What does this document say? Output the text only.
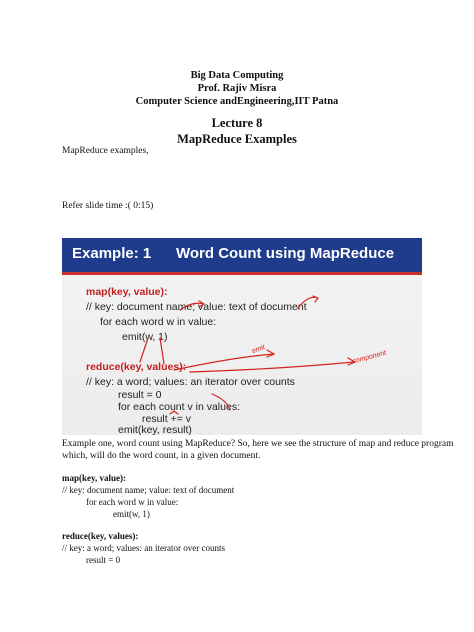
Big Data Computing
Prof. Rajiv Misra
Computer Science andEngineering,IIT Patna
Lecture 8
MapReduce Examples
MapReduce examples,
Refer slide time :( 0:15)
Example: 1 Word Count using MapReduce
map(key, value):
// key: document name; value: text of document
for each word w in value:
emit(w, 1)
reduce(key, values):
// key: a word; values: an iterator over counts
result = 0
for each count v in values:
result += v
emit(key, result)
emit
component
Example one, word count using MapReduce? So, here we see the structure of map and reduce program
which, will do the word count, in a given document.
map(key, value):
// key: document name; value: text of document
for each word w in value:
emit(w, 1)
reduce(key, values):
// key: a word; values: an iterator over counts
result = 0
